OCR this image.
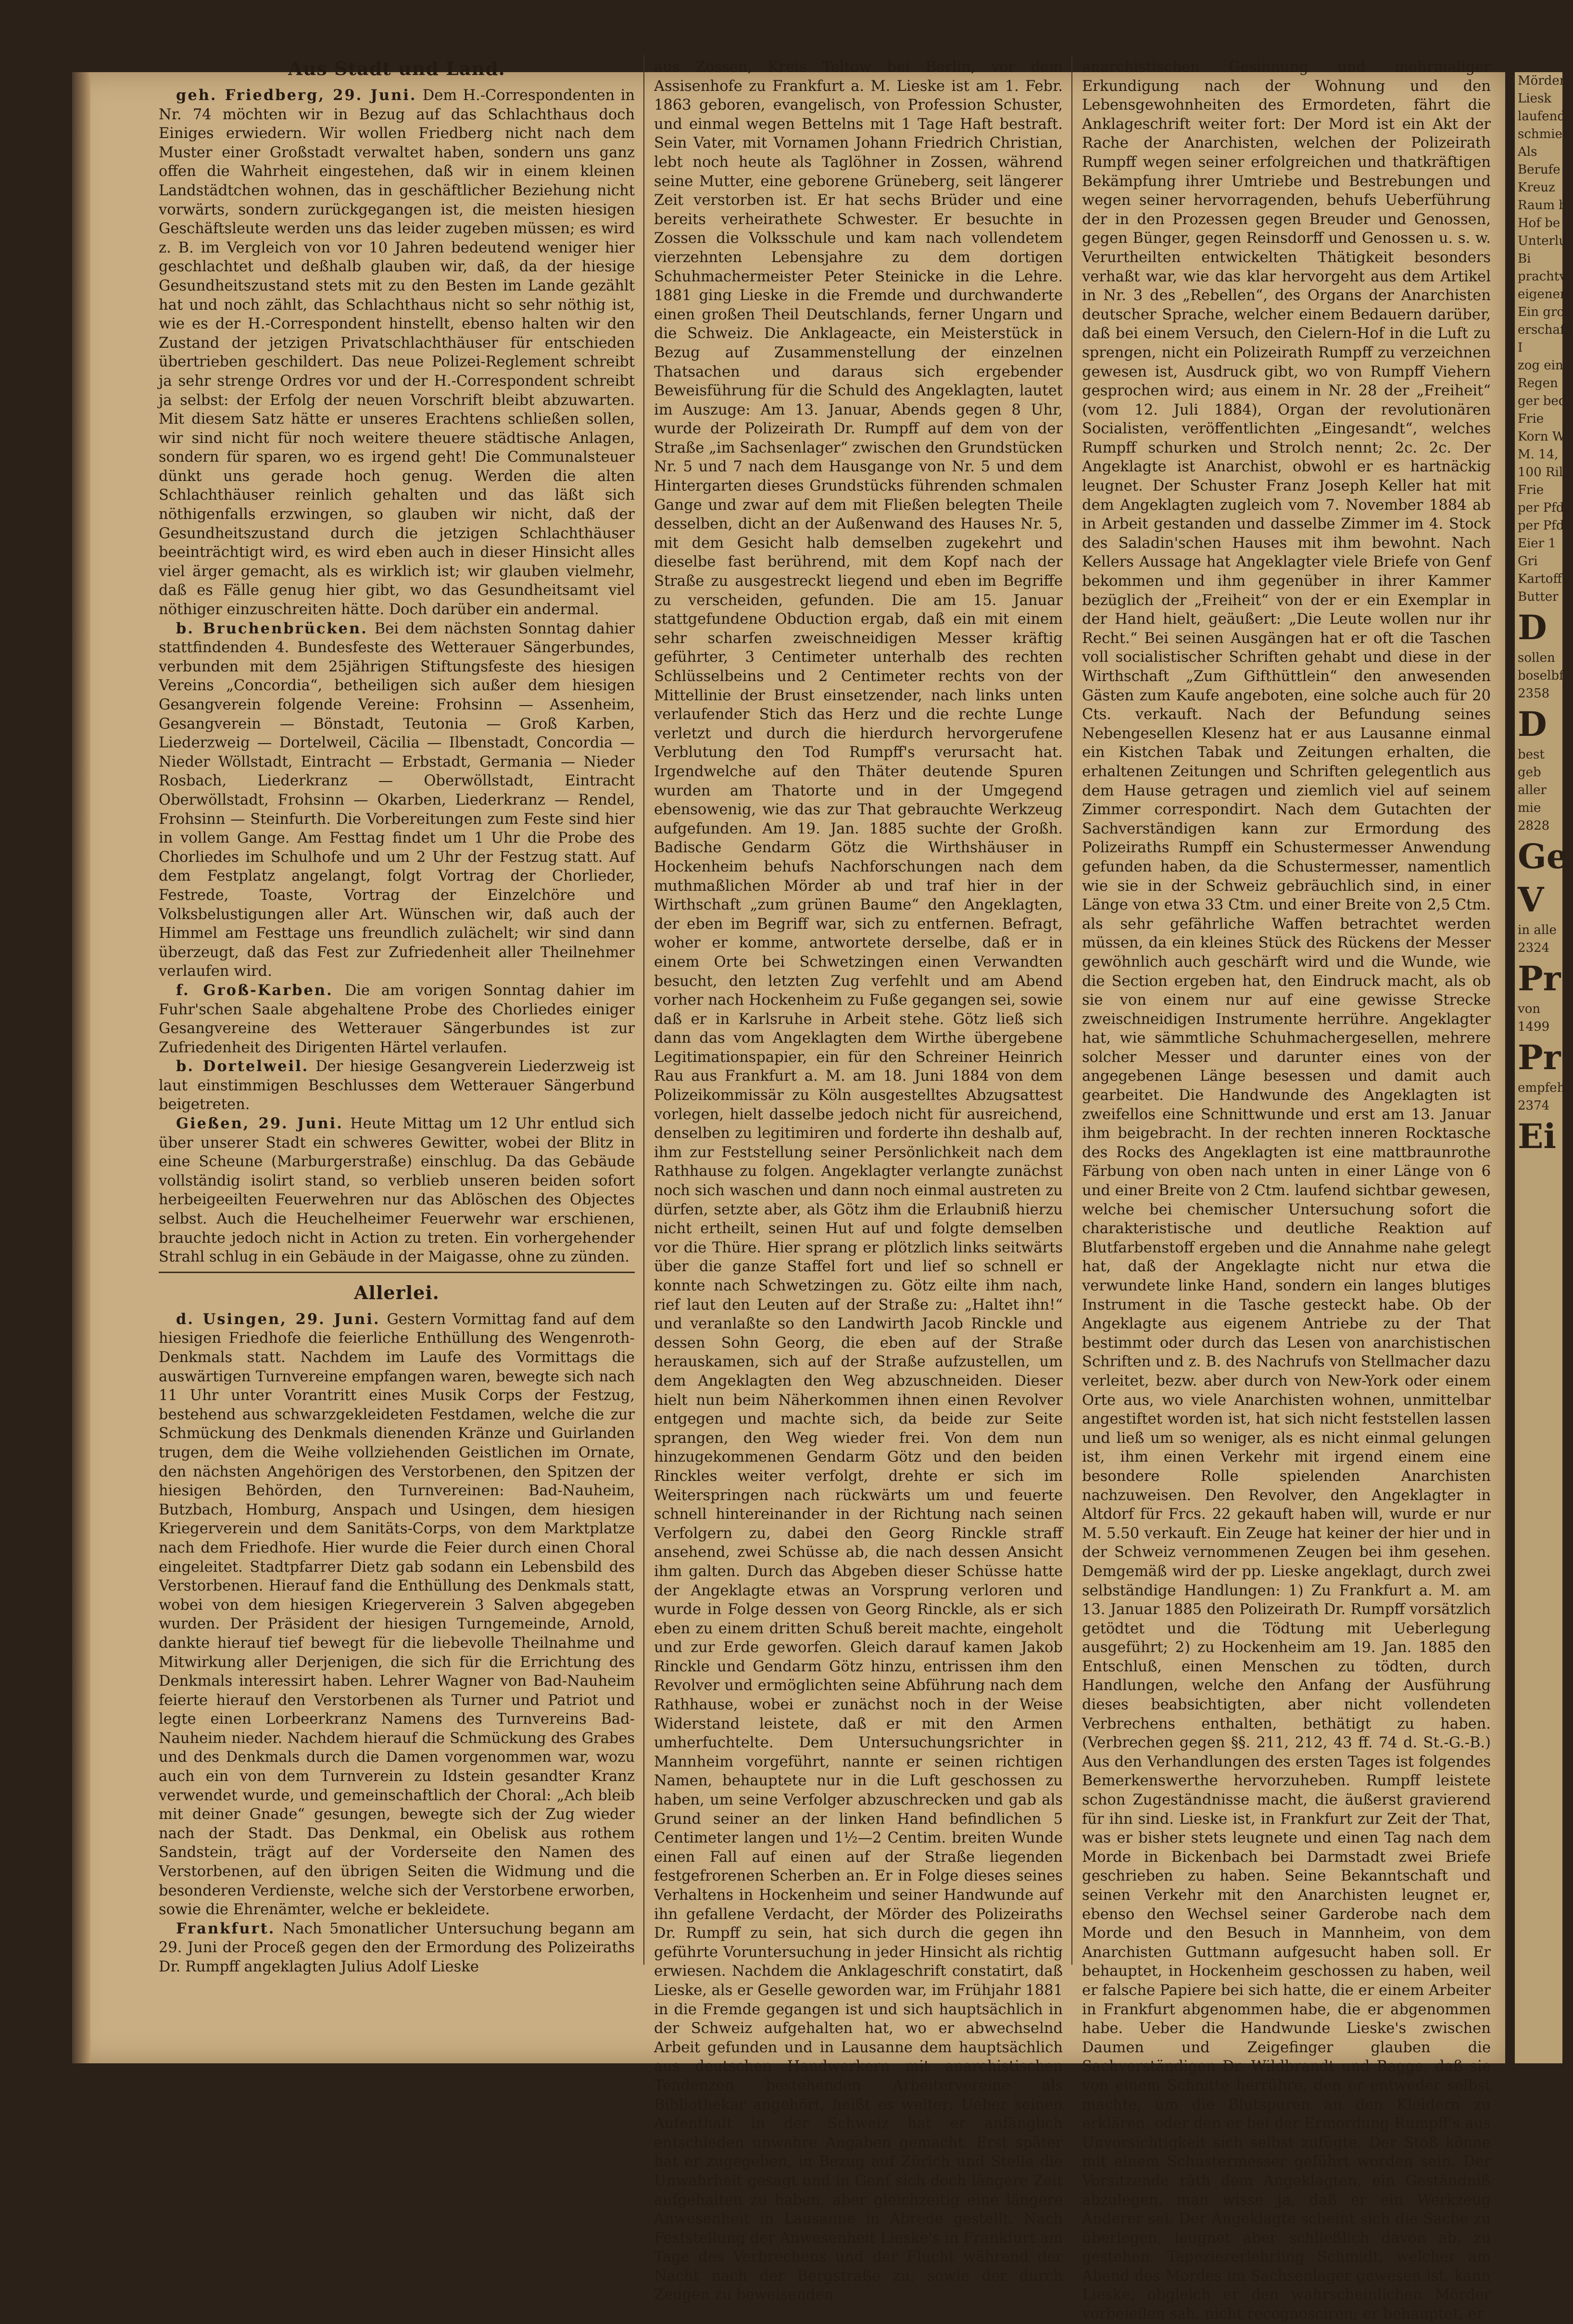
Aus Stadt und Land.

geh. Friedberg, 29. Juni. Dem H.-Correspondenten in Nr. 74 möchten wir in Bezug auf das Schlachthaus doch Einiges erwiedern. Wir wollen Friedberg nicht nach dem Muster einer Großstadt verwaltet haben, sondern uns ganz offen die Wahrheit eingestehen, daß wir in einem kleinen Landstädtchen wohnen, das in geschäftlicher Beziehung nicht vorwärts, sondern zurückgegangen ist, die meisten hiesigen Geschäftsleute werden uns das leider zugeben müssen; es wird z. B. im Vergleich von vor 10 Jahren bedeutend weniger hier geschlachtet und deßhalb glauben wir, daß, da der hiesige Gesundheitszustand stets mit zu den Besten im Lande gezählt hat und noch zählt, das Schlachthaus nicht so sehr nöthig ist, wie es der H.-Correspondent hinstellt, ebenso halten wir den Zustand der jetzigen Privatschlachthäuser für entschieden übertrieben geschildert. Das neue Polizei-Reglement schreibt ja sehr strenge Ordres vor und der H.-Correspondent schreibt ja selbst: der Erfolg der neuen Vorschrift bleibt abzuwarten. Mit diesem Satz hätte er unseres Erachtens schließen sollen, wir sind nicht für noch weitere theuere städtische Anlagen, sondern für sparen, wo es irgend geht! Die Communalsteuer dünkt uns gerade hoch genug. Werden die alten Schlachthäuser reinlich gehalten und das läßt sich nöthigenfalls erzwingen, so glauben wir nicht, daß der Gesundheitszustand durch die jetzigen Schlachthäuser beeinträchtigt wird, es wird eben auch in dieser Hinsicht alles viel ärger gemacht, als es wirklich ist; wir glauben vielmehr, daß es Fälle genug hier gibt, wo das Gesundheitsamt viel nöthiger einzuschreiten hätte. Doch darüber ein andermal.

b. Bruchenbrücken. Bei dem nächsten Sonntag dahier stattfindenden 4. Bundesfeste des Wetterauer Sängerbundes, verbunden mit dem 25jährigen Stiftungsfeste des hiesigen Vereins „Concordia“, betheiligen sich außer dem hiesigen Gesangverein folgende Vereine: Frohsinn — Assenheim, Gesangverein — Bönstadt, Teutonia — Groß Karben, Liederzweig — Dortelweil, Cäcilia — Ilbenstadt, Concordia — Nieder Wöllstadt, Eintracht — Erbstadt, Germania — Nieder Rosbach, Liederkranz — Oberwöllstadt, Eintracht Oberwöllstadt, Frohsinn — Okarben, Liederkranz — Rendel, Frohsinn — Steinfurth. Die Vorbereitungen zum Feste sind hier in vollem Gange. Am Festtag findet um 1 Uhr die Probe des Chorliedes im Schulhofe und um 2 Uhr der Festzug statt. Auf dem Festplatz angelangt, folgt Vortrag der Chorlieder, Festrede, Toaste, Vortrag der Einzelchöre und Volksbelustigungen aller Art. Wünschen wir, daß auch der Himmel am Festtage uns freundlich zulächelt; wir sind dann überzeugt, daß das Fest zur Zufriedenheit aller Theilnehmer verlaufen wird.

f. Groß-Karben. Die am vorigen Sonntag dahier im Fuhr'schen Saale abgehaltene Probe des Chorliedes einiger Gesangvereine des Wetterauer Sängerbundes ist zur Zufriedenheit des Dirigenten Härtel verlaufen.

b. Dortelweil. Der hiesige Gesangverein Liederzweig ist laut einstimmigen Beschlusses dem Wetterauer Sängerbund beigetreten.

Gießen, 29. Juni. Heute Mittag um 12 Uhr entlud sich über unserer Stadt ein schweres Gewitter, wobei der Blitz in eine Scheune (Marburgerstraße) einschlug. Da das Gebäude vollständig isolirt stand, so verblieb unseren beiden sofort herbeigeeilten Feuerwehren nur das Ablöschen des Objectes selbst. Auch die Heuchelheimer Feuerwehr war erschienen, brauchte jedoch nicht in Action zu treten. Ein vorhergehender Strahl schlug in ein Gebäude in der Maigasse, ohne zu zünden.

Allerlei.

d. Usingen, 29. Juni. Gestern Vormittag fand auf dem hiesigen Friedhofe die feierliche Enthüllung des Wengenroth-Denkmals statt. Nachdem im Laufe des Vormittags die auswärtigen Turnvereine empfangen waren, bewegte sich nach 11 Uhr unter Vorantritt eines Musik Corps der Festzug, bestehend aus schwarzgekleideten Festdamen, welche die zur Schmückung des Denkmals dienenden Kränze und Guirlanden trugen, dem die Weihe vollziehenden Geistlichen im Ornate, den nächsten Angehörigen des Verstorbenen, den Spitzen der hiesigen Behörden, den Turnvereinen: Bad-Nauheim, Butzbach, Homburg, Anspach und Usingen, dem hiesigen Kriegerverein und dem Sanitäts-Corps, von dem Marktplatze nach dem Friedhofe. Hier wurde die Feier durch einen Choral eingeleitet. Stadtpfarrer Dietz gab sodann ein Lebensbild des Verstorbenen. Hierauf fand die Enthüllung des Denkmals statt, wobei von dem hiesigen Kriegerverein 3 Salven abgegeben wurden. Der Präsident der hiesigen Turngemeinde, Arnold, dankte hierauf tief bewegt für die liebevolle Theilnahme und Mitwirkung aller Derjenigen, die sich für die Errichtung des Denkmals interessirt haben. Lehrer Wagner von Bad-Nauheim feierte hierauf den Verstorbenen als Turner und Patriot und legte einen Lorbeerkranz Namens des Turnvereins Bad-Nauheim nieder. Nachdem hierauf die Schmückung des Grabes und des Denkmals durch die Damen vorgenommen war, wozu auch ein von dem Turnverein zu Idstein gesandter Kranz verwendet wurde, und gemeinschaftlich der Choral: „Ach bleib mit deiner Gnade“ gesungen, bewegte sich der Zug wieder nach der Stadt. Das Denkmal, ein Obelisk aus rothem Sandstein, trägt auf der Vorderseite den Namen des Verstorbenen, auf den übrigen Seiten die Widmung und die besonderen Verdienste, welche sich der Verstorbene erworben, sowie die Ehrenämter, welche er bekleidete.

Frankfurt. Nach 5monatlicher Untersuchung begann am 29. Juni der Proceß gegen den der Ermordung des Polizeiraths Dr. Rumpff angeklagten Julius Adolf Lieske

aus Zossen, Kreis Teltow bei Berlin, vor dem Assisenhofe zu Frankfurt a. M. Lieske ist am 1. Febr. 1863 geboren, evangelisch, von Profession Schuster, und einmal wegen Bettelns mit 1 Tage Haft bestraft. Sein Vater, mit Vornamen Johann Friedrich Christian, lebt noch heute als Taglöhner in Zossen, während seine Mutter, eine geborene Grüneberg, seit längerer Zeit verstorben ist. Er hat sechs Brüder und eine bereits verheirathete Schwester. Er besuchte in Zossen die Volksschule und kam nach vollendetem vierzehnten Lebensjahre zu dem dortigen Schuhmachermeister Peter Steinicke in die Lehre. 1881 ging Lieske in die Fremde und durchwanderte einen großen Theil Deutschlands, ferner Ungarn und die Schweiz. Die Anklageacte, ein Meisterstück in Bezug auf Zusammenstellung der einzelnen Thatsachen und daraus sich ergebender Beweisführung für die Schuld des Angeklagten, lautet im Auszuge: Am 13. Januar, Abends gegen 8 Uhr, wurde der Polizeirath Dr. Rumpff auf dem von der Straße „im Sachsenlager“ zwischen den Grundstücken Nr. 5 und 7 nach dem Hausgange von Nr. 5 und dem Hintergarten dieses Grundstücks führenden schmalen Gange und zwar auf dem mit Fließen belegten Theile desselben, dicht an der Außenwand des Hauses Nr. 5, mit dem Gesicht halb demselben zugekehrt und dieselbe fast berührend, mit dem Kopf nach der Straße zu ausgestreckt liegend und eben im Begriffe zu verscheiden, gefunden. Die am 15. Januar stattgefundene Obduction ergab, daß ein mit einem sehr scharfen zweischneidigen Messer kräftig geführter, 3 Centimeter unterhalb des rechten Schlüsselbeins und 2 Centimeter rechts von der Mittellinie der Brust einsetzender, nach links unten verlaufender Stich das Herz und die rechte Lunge verletzt und durch die hierdurch hervorgerufene Verblutung den Tod Rumpff's verursacht hat. Irgendwelche auf den Thäter deutende Spuren wurden am Thatorte und in der Umgegend ebensowenig, wie das zur That gebrauchte Werkzeug aufgefunden. Am 19. Jan. 1885 suchte der Großh. Badische Gendarm Götz die Wirthshäuser in Hockenheim behufs Nachforschungen nach dem muthmaßlichen Mörder ab und traf hier in der Wirthschaft „zum grünen Baume“ den Angeklagten, der eben im Begriff war, sich zu entfernen. Befragt, woher er komme, antwortete derselbe, daß er in einem Orte bei Schwetzingen einen Verwandten besucht, den letzten Zug verfehlt und am Abend vorher nach Hockenheim zu Fuße gegangen sei, sowie daß er in Karlsruhe in Arbeit stehe. Götz ließ sich dann das vom Angeklagten dem Wirthe übergebene Legitimationspapier, ein für den Schreiner Heinrich Rau aus Frankfurt a. M. am 18. Juni 1884 von dem Polizeikommissär zu Köln ausgestelltes Abzugsattest vorlegen, hielt dasselbe jedoch nicht für ausreichend, denselben zu legitimiren und forderte ihn deshalb auf, ihm zur Feststellung seiner Persönlichkeit nach dem Rathhause zu folgen. Angeklagter verlangte zunächst noch sich waschen und dann noch einmal austreten zu dürfen, setzte aber, als Götz ihm die Erlaubniß hierzu nicht ertheilt, seinen Hut auf und folgte demselben vor die Thüre. Hier sprang er plötzlich links seitwärts über die ganze Staffel fort und lief so schnell er konnte nach Schwetzingen zu. Götz eilte ihm nach, rief laut den Leuten auf der Straße zu: „Haltet ihn!“ und veranlaßte so den Landwirth Jacob Rinckle und dessen Sohn Georg, die eben auf der Straße herauskamen, sich auf der Straße aufzustellen, um dem Angeklagten den Weg abzuschneiden. Dieser hielt nun beim Näherkommen ihnen einen Revolver entgegen und machte sich, da beide zur Seite sprangen, den Weg wieder frei. Von dem nun hinzugekommenen Gendarm Götz und den beiden Rinckles weiter verfolgt, drehte er sich im Weiterspringen nach rückwärts um und feuerte schnell hintereinander in der Richtung nach seinen Verfolgern zu, dabei den Georg Rinckle straff ansehend, zwei Schüsse ab, die nach dessen Ansicht ihm galten. Durch das Abgeben dieser Schüsse hatte der Angeklagte etwas an Vorsprung verloren und wurde in Folge dessen von Georg Rinckle, als er sich eben zu einem dritten Schuß bereit machte, eingeholt und zur Erde geworfen. Gleich darauf kamen Jakob Rinckle und Gendarm Götz hinzu, entrissen ihm den Revolver und ermöglichten seine Abführung nach dem Rathhause, wobei er zunächst noch in der Weise Widerstand leistete, daß er mit den Armen umherfuchtelte. Dem Untersuchungsrichter in Mannheim vorgeführt, nannte er seinen richtigen Namen, behauptete nur in die Luft geschossen zu haben, um seine Verfolger abzuschrecken und gab als Grund seiner an der linken Hand befindlichen 5 Centimeter langen und 1½—2 Centim. breiten Wunde einen Fall auf einen auf der Straße liegenden festgefrorenen Scherben an. Er in Folge dieses seines Verhaltens in Hockenheim und seiner Handwunde auf ihn gefallene Verdacht, der Mörder des Polizeiraths Dr. Rumpff zu sein, hat sich durch die gegen ihn geführte Voruntersuchung in jeder Hinsicht als richtig erwiesen. Nachdem die Anklageschrift constatirt, daß Lieske, als er Geselle geworden war, im Frühjahr 1881 in die Fremde gegangen ist und sich hauptsächlich in der Schweiz aufgehalten hat, wo er abwechselnd Arbeit gefunden und in Lausanne dem hauptsächlich aus deutschen Handwerkern mit anarchistischen Tendenzen bestehenden Arbeitervereine als Bibliothekar angehört, heißt es weiter: Ueber seinen Aufenthalt in der Schweiz hat er anfänglich entschieden unwahre Angaben gemacht. Erst später hat er zugegeben, in Bezug auf Zürich und Stelle die Unwahrheit gesagt und in Genf sich doch längere Zeit aufgehalten zu haben, aber gleichzeitig eine längere Anwesenheit in Lausanne in Abrede gestellt. Nach Feststellung der Anwesenheit Lieske's in Frankfurt am Tage des Verbrechens und der Flucht während der Nacht nach der Bergstraße zu, sowie der durch Zeugen zu beweisenden

anarchistischen Gesinnung und mehrmaliger Erkundigung nach der Wohnung und den Lebensgewohnheiten des Ermordeten, fährt die Anklageschrift weiter fort: Der Mord ist ein Akt der Rache der Anarchisten, welchen der Polizeirath Rumpff wegen seiner erfolgreichen und thatkräftigen Bekämpfung ihrer Umtriebe und Bestrebungen und wegen seiner hervorragenden, behufs Ueberführung der in den Prozessen gegen Breuder und Genossen, gegen Bünger, gegen Reinsdorff und Genossen u. s. w. Verurtheilten entwickelten Thätigkeit besonders verhaßt war, wie das klar hervorgeht aus dem Artikel in Nr. 3 des „Rebellen“, des Organs der Anarchisten deutscher Sprache, welcher einem Bedauern darüber, daß bei einem Versuch, den Cielern-Hof in die Luft zu sprengen, nicht ein Polizeirath Rumpff zu verzeichnen gewesen ist, Ausdruck gibt, wo von Rumpff Viehern gesprochen wird; aus einem in Nr. 28 der „Freiheit“ (vom 12. Juli 1884), Organ der revolutionären Socialisten, veröffentlichten „Eingesandt“, welches Rumpff schurken und Strolch nennt; 2c. 2c. Der Angeklagte ist Anarchist, obwohl er es hartnäckig leugnet. Der Schuster Franz Joseph Keller hat mit dem Angeklagten zugleich vom 7. November 1884 ab in Arbeit gestanden und dasselbe Zimmer im 4. Stock des Saladin'schen Hauses mit ihm bewohnt. Nach Kellers Aussage hat Angeklagter viele Briefe von Genf bekommen und ihm gegenüber in ihrer Kammer bezüglich der „Freiheit“ von der er ein Exemplar in der Hand hielt, geäußert: „Die Leute wollen nur ihr Recht.“ Bei seinen Ausgängen hat er oft die Taschen voll socialistischer Schriften gehabt und diese in der Wirthschaft „Zum Gifthüttlein“ den anwesenden Gästen zum Kaufe angeboten, eine solche auch für 20 Cts. verkauft. Nach der Befundung seines Nebengesellen Klesenz hat er aus Lausanne einmal ein Kistchen Tabak und Zeitungen erhalten, die erhaltenen Zeitungen und Schriften gelegentlich aus dem Hause getragen und ziemlich viel auf seinem Zimmer correspondirt. Nach dem Gutachten der Sachverständigen kann zur Ermordung des Polizeiraths Rumpff ein Schustermesser Anwendung gefunden haben, da die Schustermesser, namentlich wie sie in der Schweiz gebräuchlich sind, in einer Länge von etwa 33 Ctm. und einer Breite von 2,5 Ctm. als sehr gefährliche Waffen betrachtet werden müssen, da ein kleines Stück des Rückens der Messer gewöhnlich auch geschärft wird und die Wunde, wie die Section ergeben hat, den Eindruck macht, als ob sie von einem nur auf eine gewisse Strecke zweischneidigen Instrumente herrühre. Angeklagter hat, wie sämmtliche Schuhmachergesellen, mehrere solcher Messer und darunter eines von der angegebenen Länge besessen und damit auch gearbeitet. Die Handwunde des Angeklagten ist zweifellos eine Schnittwunde und erst am 13. Januar ihm beigebracht. In der rechten inneren Rocktasche des Rocks des Angeklagten ist eine mattbraunrothe Färbung von oben nach unten in einer Länge von 6 und einer Breite von 2 Ctm. laufend sichtbar gewesen, welche bei chemischer Untersuchung sofort die charakteristische und deutliche Reaktion auf Blutfarbenstoff ergeben und die Annahme nahe gelegt hat, daß der Angeklagte nicht nur etwa die verwundete linke Hand, sondern ein langes blutiges Instrument in die Tasche gesteckt habe. Ob der Angeklagte aus eigenem Antriebe zu der That bestimmt oder durch das Lesen von anarchistischen Schriften und z. B. des Nachrufs von Stellmacher dazu verleitet, bezw. aber durch von New-York oder einem Orte aus, wo viele Anarchisten wohnen, unmittelbar angestiftet worden ist, hat sich nicht feststellen lassen und ließ um so weniger, als es nicht einmal gelungen ist, ihm einen Verkehr mit irgend einem eine besondere Rolle spielenden Anarchisten nachzuweisen. Den Revolver, den Angeklagter in Altdorf für Frcs. 22 gekauft haben will, wurde er nur M. 5.50 verkauft. Ein Zeuge hat keiner der hier und in der Schweiz vernommenen Zeugen bei ihm gesehen. Demgemäß wird der pp. Lieske angeklagt, durch zwei selbständige Handlungen: 1) Zu Frankfurt a. M. am 13. Januar 1885 den Polizeirath Dr. Rumpff vorsätzlich getödtet und die Tödtung mit Ueberlegung ausgeführt; 2) zu Hockenheim am 19. Jan. 1885 den Entschluß, einen Menschen zu tödten, durch Handlungen, welche den Anfang der Ausführung dieses beabsichtigten, aber nicht vollendeten Verbrechens enthalten, bethätigt zu haben. (Verbrechen gegen §§. 211, 212, 43 ff. 74 d. St.-G.-B.) Aus den Verhandlungen des ersten Tages ist folgendes Bemerkenswerthe hervorzuheben. Rumpff leistete schon Zugeständnisse macht, die äußerst gravierend für ihn sind. Lieske ist, in Frankfurt zur Zeit der That, was er bisher stets leugnete und einen Tag nach dem Morde in Bickenbach bei Darmstadt zwei Briefe geschrieben zu haben. Seine Bekanntschaft und seinen Verkehr mit den Anarchisten leugnet er, ebenso den Wechsel seiner Garderobe nach dem Morde und den Besuch in Mannheim, von dem Anarchisten Guttmann aufgesucht haben soll. Er behauptet, in Hockenheim geschossen zu haben, weil er falsche Papiere bei sich hatte, die er einem Arbeiter in Frankfurt abgenommen habe, die er abgenommen habe. Ueber die Handwunde Lieske's zwischen Daumen und Zeigefinger glauben die Sachverständigen Dr. Wildbrandt und Bagge, daß sie von einem Schnitte herrühre, den er entweder selbst machte, um die Blutspuren an den Kleidern zu erklären, oder den er bei der Ermordung Rumpff's aus Unvorsichtigkeit sich selbst zufügte. Der Stoß könne mit einem Schustermesser geführt worden sein. Der Vorsitzende räth dem Angeklagten, ein Geständniß abzulegen, man wisse ja, daß er ein Werkzeug Anderer sei. Der Angeklagte scheint sich die Sache zu überlegen, leugnet aber schließlich davon ab, zu gestehen. Tapeziererlehrling Schmidt, welcher am Abend des Mordes im Sachsenlager gewesen ist, kann Lieske, obgleich er den wahrscheinlichen Mörder vorbeieilen sah, nicht recognosciren; er behauptet, er

Mörder
Liesk
laufend
schmier
Als
Berufe
Kreuz
Raum b.
Hof be
Unterlu
Bi
prachtv
eigenen
Ein gro
erschaffl
I
zog ein
Regen
ger bed
Frie
Korn W
M. 14,
100 Ril
Frie
per Pfd.
per Pfd.
Eier 1
Gri
Kartoffe
Butter
D
sollen
boselbf
2358
D
best
geb
aller
mie
2828
Ge
V
in alle
2324
Pr
von
1499
Pr
empfeh
2374
Ei
